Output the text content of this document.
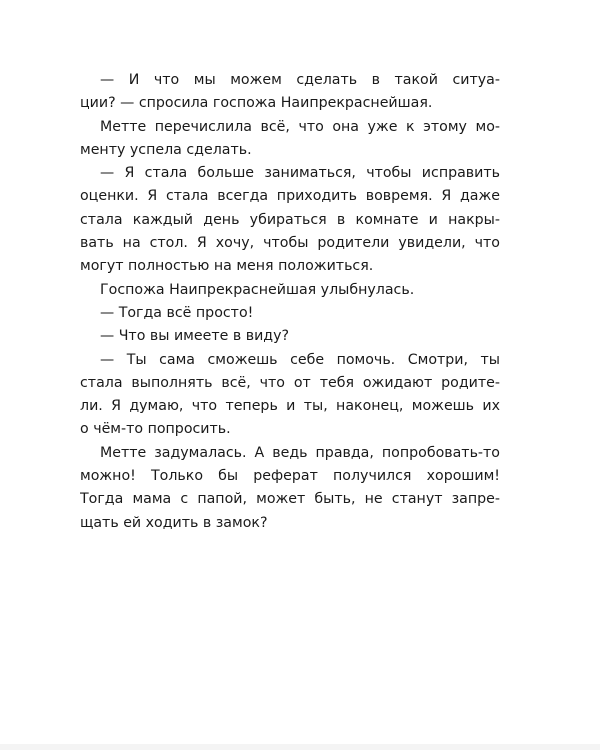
— И что мы можем сделать в такой ситуа-
ции? — спросила госпожа Наипрекраснейшая.
Метте перечислила всё, что она уже к этому мо-
менту успела сделать.
— Я стала больше заниматься, чтобы исправить
оценки. Я стала всегда приходить вовремя. Я даже
стала каждый день убираться в комнате и накры-
вать на стол. Я хочу, чтобы родители увидели, что
могут полностью на меня положиться.
Госпожа Наипрекраснейшая улыбнулась.
— Тогда всё просто!
— Что вы имеете в виду?
— Ты сама сможешь себе помочь. Смотри, ты
стала выполнять всё, что от тебя ожидают родите-
ли. Я думаю, что теперь и ты, наконец, можешь их
о чём-то попросить.
Метте задумалась. А ведь правда, попробовать-то
можно! Только бы реферат получился хорошим!
Тогда мама с папой, может быть, не станут запре-
щать ей ходить в замок?
